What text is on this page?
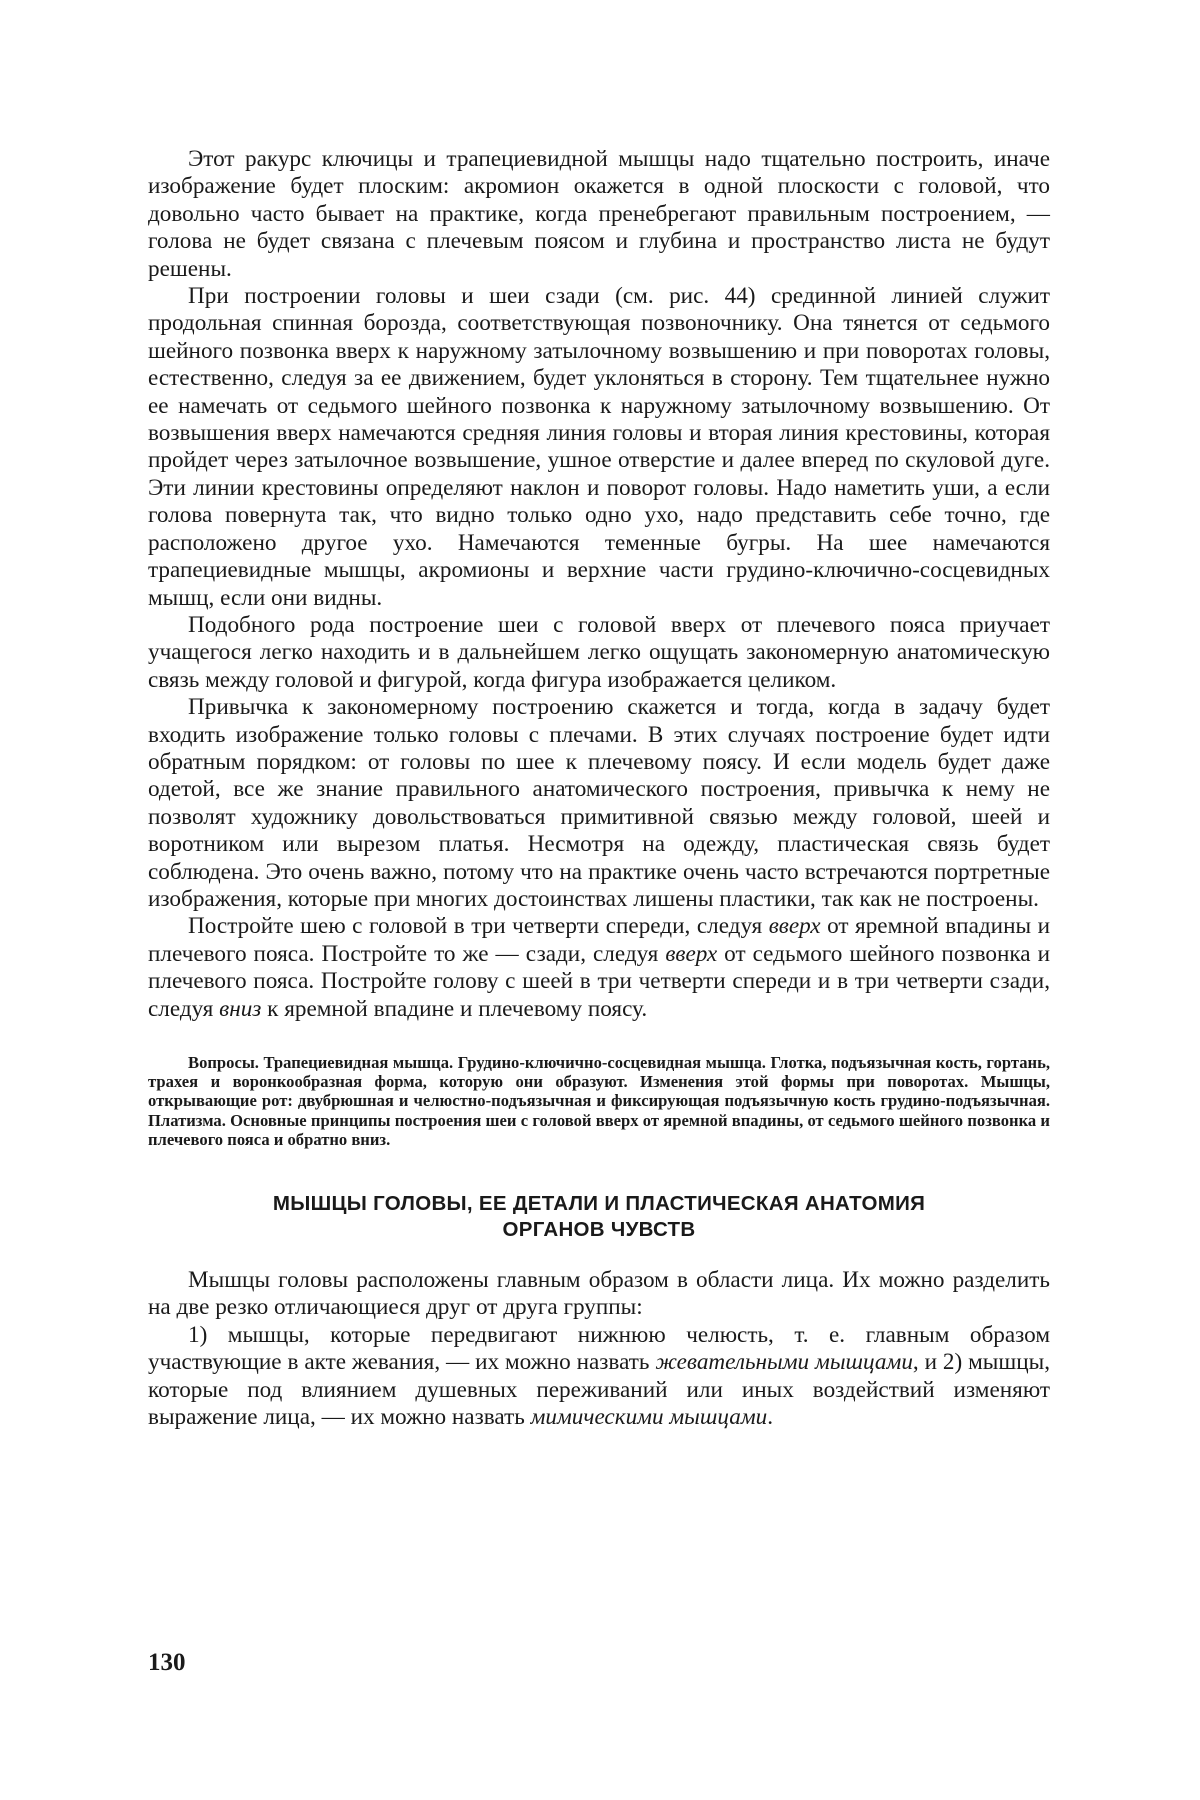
Этот ракурс ключицы и трапециевидной мышцы надо тщательно построить, иначе изображение будет плоским: акромион окажется в одной плоскости с головой, что довольно часто бывает на практике, когда пренебрегают правильным построением, — голова не будет связана с плечевым поясом и глубина и пространство листа не будут решены.

При построении головы и шеи сзади (см. рис. 44) срединной линией служит продольная спинная борозда, соответствующая позвоночнику. Она тянется от седьмого шейного позвонка вверх к наружному затылочному возвышению и при поворотах головы, естественно, следуя за ее движением, будет уклоняться в сторону. Тем тщательнее нужно ее намечать от седьмого шейного позвонка к наружному затылочному возвышению. От возвышения вверх намечаются средняя линия головы и вторая линия крестовины, которая пройдет через затылочное возвышение, ушное отверстие и далее вперед по скуловой дуге. Эти линии крестовины определяют наклон и поворот головы. Надо наметить уши, а если голова повернута так, что видно только одно ухо, надо представить себе точно, где расположено другое ухо. Намечаются теменные бугры. На шее намечаются трапециевидные мышцы, акромионы и верхние части грудино-ключично-сосцевидных мышц, если они видны.

Подобного рода построение шеи с головой вверх от плечевого пояса приучает учащегося легко находить и в дальнейшем легко ощущать закономерную анатомическую связь между головой и фигурой, когда фигура изображается целиком.

Привычка к закономерному построению скажется и тогда, когда в задачу будет входить изображение только головы с плечами. В этих случаях построение будет идти обратным порядком: от головы по шее к плечевому поясу. И если модель будет даже одетой, все же знание правильного анатомического построения, привычка к нему не позволят художнику довольствоваться примитивной связью между головой, шеей и воротником или вырезом платья. Несмотря на одежду, пластическая связь будет соблюдена. Это очень важно, потому что на практике очень часто встречаются портретные изображения, которые при многих достоинствах лишены пластики, так как не построены.

Постройте шею с головой в три четверти спереди, следуя вверх от яремной впадины и плечевого пояса. Постройте то же — сзади, следуя вверх от седьмого шейного позвонка и плечевого пояса. Постройте голову с шеей в три четверти спереди и в три четверти сзади, следуя вниз к яремной впадине и плечевому поясу.

Вопросы. Трапециевидная мышца. Грудино-ключично-сосцевидная мышца. Глотка, подъязычная кость, гортань, трахея и воронкообразная форма, которую они образуют. Изменения этой формы при поворотах. Мышцы, открывающие рот: двубрюшная и челюстно-подъязычная и фиксирующая подъязычную кость грудино-подъязычная. Платизма. Основные принципы построения шеи с головой вверх от яремной впадины, от седьмого шейного позвонка и плечевого пояса и обратно вниз.

МЫШЦЫ ГОЛОВЫ, ЕЕ ДЕТАЛИ И ПЛАСТИЧЕСКАЯ АНАТОМИЯ
ОРГАНОВ ЧУВСТВ

Мышцы головы расположены главным образом в области лица. Их можно разделить на две резко отличающиеся друг от друга группы:

1) мышцы, которые передвигают нижнюю челюсть, т. е. главным образом участвующие в акте жевания, — их можно назвать жевательными мышцами, и 2) мышцы, которые под влиянием душевных переживаний или иных воздействий изменяют выражение лица, — их можно назвать мимическими мышцами.

130
